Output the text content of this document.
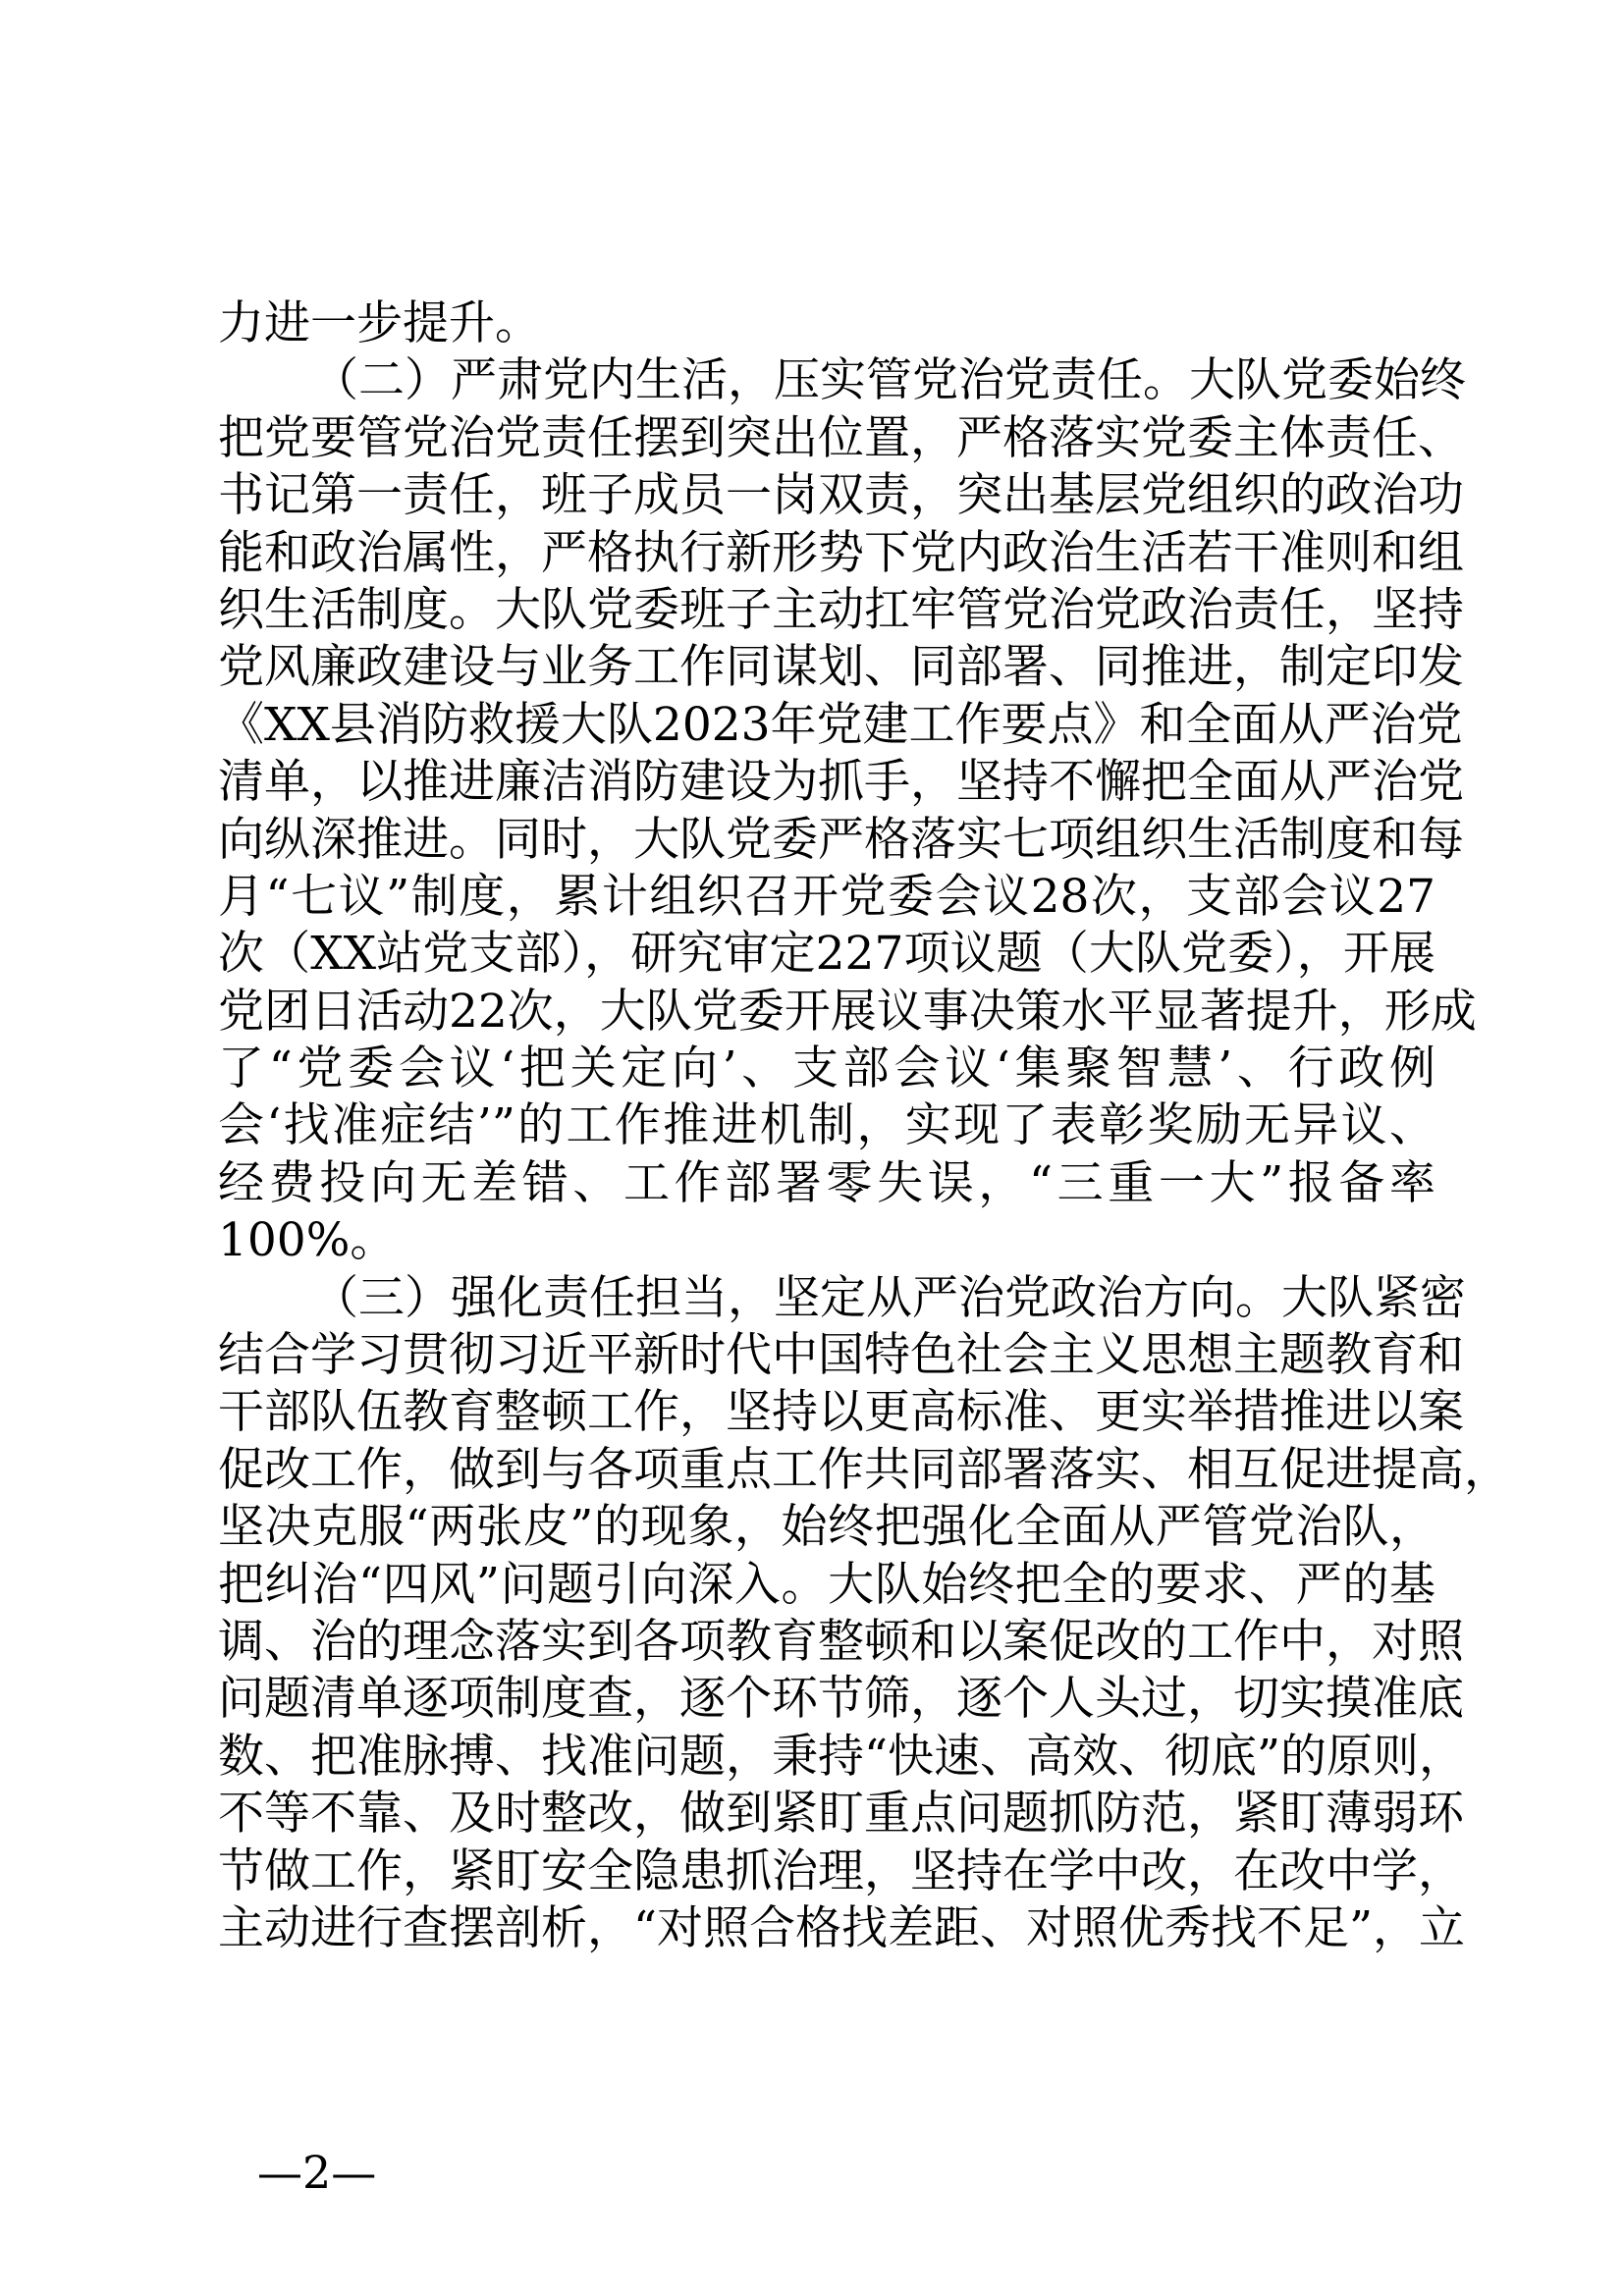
力进一步提升。
（二）严肃党内生活，压实管党治党责任。大队党委始终
把党要管党治党责任摆到突出位置，严格落实党委主体责任、
书记第一责任，班子成员一岗双责，突出基层党组织的政治功
能和政治属性，严格执行新形势下党内政治生活若干准则和组
织生活制度。大队党委班子主动扛牢管党治党政治责任，坚持
党风廉政建设与业务工作同谋划、同部署、同推进，制定印发
《XX县消防救援大队2023年党建工作要点》和全面从严治党
清单，以推进廉洁消防建设为抓手，坚持不懈把全面从严治党
向纵深推进。同时，大队党委严格落实七项组织生活制度和每
月“七议”制度，累计组织召开党委会议28次，支部会议27
次（XX站党支部），研究审定227项议题（大队党委），开展
党团日活动22次，大队党委开展议事决策水平显著提升，形成
了“党委会议‘把关定向’、支部会议‘集聚智慧’、行政例
会‘找准症结’”的工作推进机制，实现了表彰奖励无异议、
经费投向无差错、工作部署零失误，“三重一大”报备率
100%。
（三）强化责任担当，坚定从严治党政治方向。大队紧密
结合学习贯彻习近平新时代中国特色社会主义思想主题教育和
干部队伍教育整顿工作，坚持以更高标准、更实举措推进以案
促改工作，做到与各项重点工作共同部署落实、相互促进提高，
坚决克服“两张皮”的现象，始终把强化全面从严管党治队，
把纠治“四风”问题引向深入。大队始终把全的要求、严的基
调、治的理念落实到各项教育整顿和以案促改的工作中，对照
问题清单逐项制度查，逐个环节筛，逐个人头过，切实摸准底
数、把准脉搏、找准问题，秉持“快速、高效、彻底”的原则，
不等不靠、及时整改，做到紧盯重点问题抓防范，紧盯薄弱环
节做工作，紧盯安全隐患抓治理，坚持在学中改，在改中学，
主动进行查摆剖析，“对照合格找差距、对照优秀找不足”，立
—2—
